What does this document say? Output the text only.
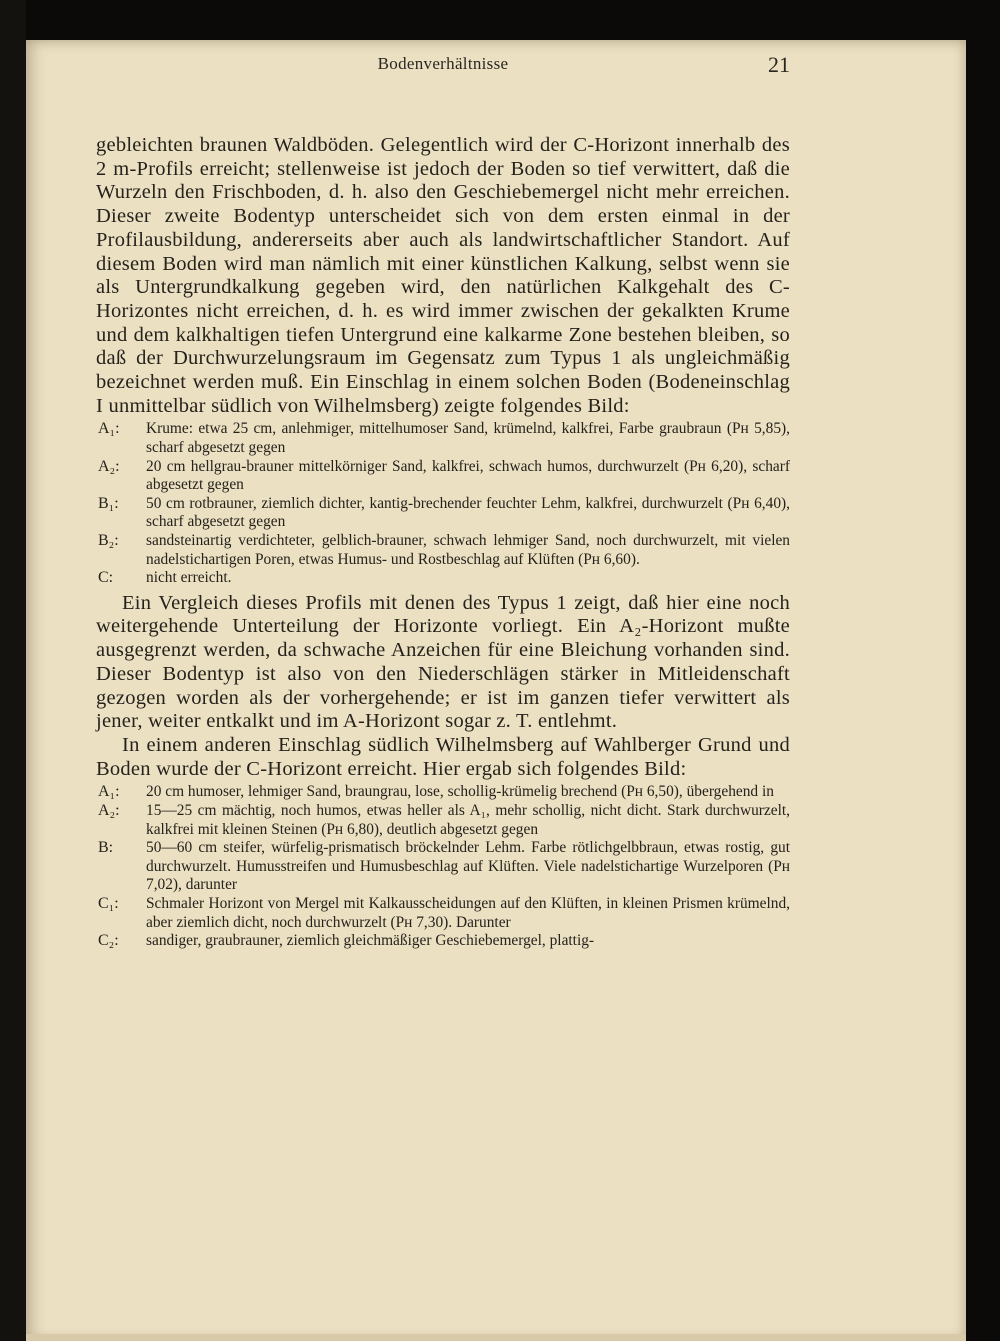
Bodenverhältnisse	21

gebleichten braunen Waldböden. Gelegentlich wird der C-Horizont innerhalb des 2 m-Profils erreicht; stellenweise ist jedoch der Boden so tief verwittert, daß die Wurzeln den Frischboden, d. h. also den Geschiebemergel nicht mehr erreichen. Dieser zweite Bodentyp unterscheidet sich von dem ersten einmal in der Profilausbildung, andererseits aber auch als landwirtschaftlicher Standort. Auf diesem Boden wird man nämlich mit einer künstlichen Kalkung, selbst wenn sie als Untergrundkalkung gegeben wird, den natürlichen Kalkgehalt des C-Horizontes nicht erreichen, d. h. es wird immer zwischen der gekalkten Krume und dem kalkhaltigen tiefen Untergrund eine kalkarme Zone bestehen bleiben, so daß der Durchwurzelungsraum im Gegensatz zum Typus 1 als ungleichmäßig bezeichnet werden muß. Ein Einschlag in einem solchen Boden (Bodeneinschlag I unmittelbar südlich von Wilhelmsberg) zeigte folgendes Bild:

A₁:	Krume: etwa 25 cm, anlehmiger, mittelhumoser Sand, krümelnd, kalkfrei, Farbe graubraun (Pʜ 5,85), scharf abgesetzt gegen
A₂:	20 cm hellgrau-brauner mittelkörniger Sand, kalkfrei, schwach humos, durchwurzelt (Pʜ 6,20), scharf abgesetzt gegen
B₁:	50 cm rotbrauner, ziemlich dichter, kantig-brechender feuchter Lehm, kalkfrei, durchwurzelt (Pʜ 6,40), scharf abgesetzt gegen
B₂:	sandsteinartig verdichteter, gelblich-brauner, schwach lehmiger Sand, noch durchwurzelt, mit vielen nadelstichartigen Poren, etwas Humus- und Rostbeschlag auf Klüften (Pʜ 6,60).
C:	nicht erreicht.

Ein Vergleich dieses Profils mit denen des Typus 1 zeigt, daß hier eine noch weitergehende Unterteilung der Horizonte vorliegt. Ein A₂-Horizont mußte ausgegrenzt werden, da schwache Anzeichen für eine Bleichung vorhanden sind. Dieser Bodentyp ist also von den Niederschlägen stärker in Mitleidenschaft gezogen worden als der vorhergehende; er ist im ganzen tiefer verwittert als jener, weiter entkalkt und im A-Horizont sogar z. T. entlehmt.

In einem anderen Einschlag südlich Wilhelmsberg auf Wahlberger Grund und Boden wurde der C-Horizont erreicht. Hier ergab sich folgendes Bild:

A₁:	20 cm humoser, lehmiger Sand, braungrau, lose, schollig-krümelig brechend (Pʜ 6,50), übergehend in
A₂:	15—25 cm mächtig, noch humos, etwas heller als A₁, mehr schollig, nicht dicht. Stark durchwurzelt, kalkfrei mit kleinen Steinen (Pʜ 6,80), deutlich abgesetzt gegen
B:	50—60 cm steifer, würfelig-prismatisch bröckelnder Lehm. Farbe rötlichgelbbraun, etwas rostig, gut durchwurzelt. Humusstreifen und Humusbeschlag auf Klüften. Viele nadelstichartige Wurzelporen (Pʜ 7,02), darunter
C₁:	Schmaler Horizont von Mergel mit Kalkausscheidungen auf den Klüften, in kleinen Prismen krümelnd, aber ziemlich dicht, noch durchwurzelt (Pʜ 7,30). Darunter
C₂:	sandiger, graubrauner, ziemlich gleichmäßiger Geschiebemergel, plattig-
